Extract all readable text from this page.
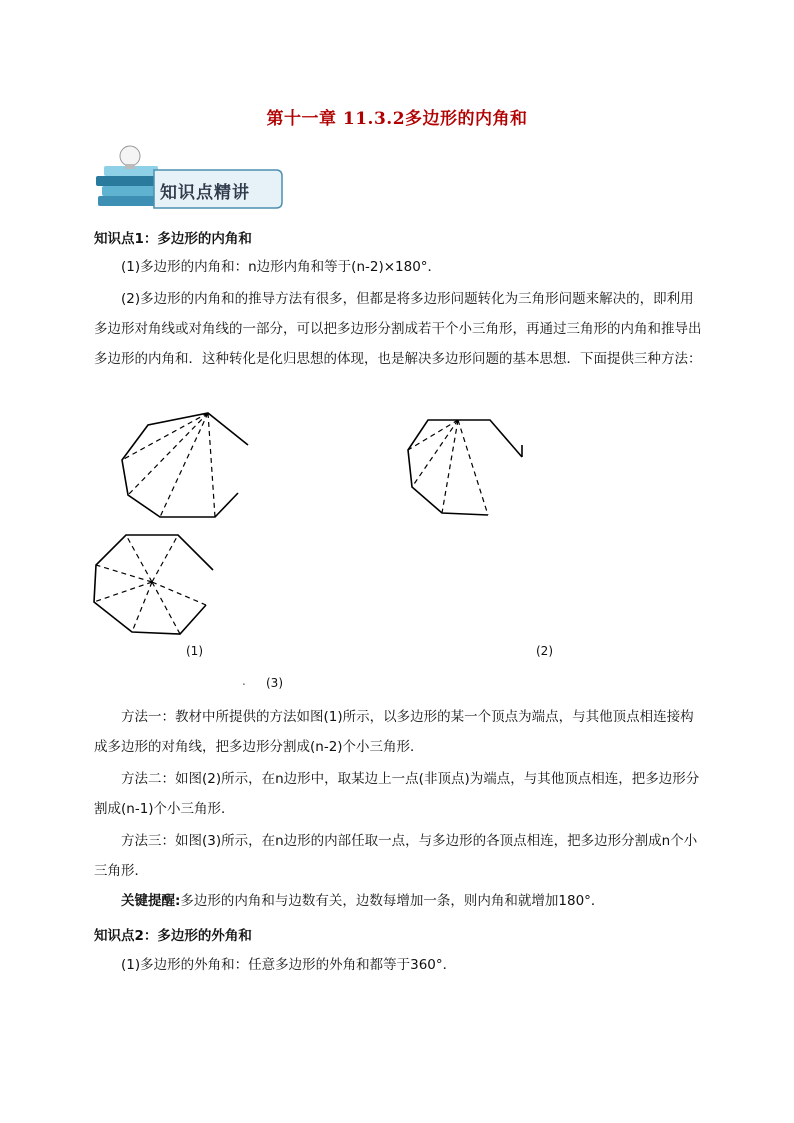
第十一章 11.3.2多边形的内角和
知识点精讲
知识点1：多边形的内角和
(1)多边形的内角和：n边形内角和等于(n-2)×180°．
(2)多边形的内角和的推导方法有很多，但都是将多边形问题转化为三角形问题来解决的，即利用多边形对角线或对角线的一部分，可以把多边形分割成若干个小三角形，再通过三角形的内角和推导出多边形的内角和．这种转化是化归思想的体现，也是解决多边形问题的基本思想．下面提供三种方法：
(1)	(2)
. (3)
方法一：教材中所提供的方法如图(1)所示，以多边形的某一个顶点为端点，与其他顶点相连接构成多边形的对角线，把多边形分割成(n-2)个小三角形．
方法二：如图(2)所示，在n边形中，取某边上一点(非顶点)为端点，与其他顶点相连，把多边形分割成(n-1)个小三角形．
方法三：如图(3)所示，在n边形的内部任取一点，与多边形的各顶点相连，把多边形分割成n个小三角形．
关键提醒:多边形的内角和与边数有关，边数每增加一条，则内角和就增加180°．
知识点2：多边形的外角和
(1)多边形的外角和：任意多边形的外角和都等于360°．
